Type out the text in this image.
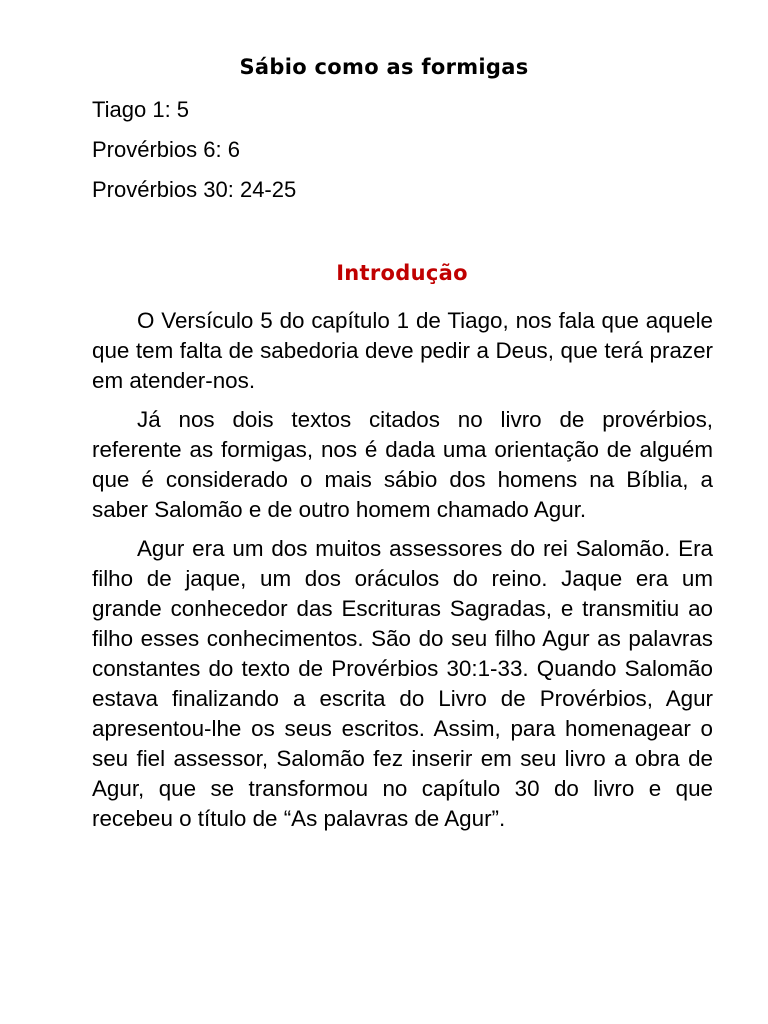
Sábio como as formigas
Tiago 1: 5
Provérbios 6: 6
Provérbios 30: 24-25
Introdução

O Versículo 5 do capítulo 1 de Tiago, nos fala que aquele que tem falta de sabedoria deve pedir a Deus, que terá prazer em atender-nos.

Já nos dois textos citados no livro de provérbios, referente as formigas, nos é dada uma orientação de alguém que é considerado o mais sábio dos homens na Bíblia, a saber Salomão e de outro homem chamado Agur.

Agur era um dos muitos assessores do rei Salomão. Era filho de jaque, um dos oráculos do reino. Jaque era um grande conhecedor das Escrituras Sagradas, e transmitiu ao filho esses conhecimentos. São do seu filho Agur as palavras constantes do texto de Provérbios 30:1-33. Quando Salomão estava finalizando a escrita do Livro de Provérbios, Agur apresentou-lhe os seus escritos. Assim, para homenagear o seu fiel assessor, Salomão fez inserir em seu livro a obra de Agur, que se transformou no capítulo 30 do livro e que recebeu o título de “As palavras de Agur”.
